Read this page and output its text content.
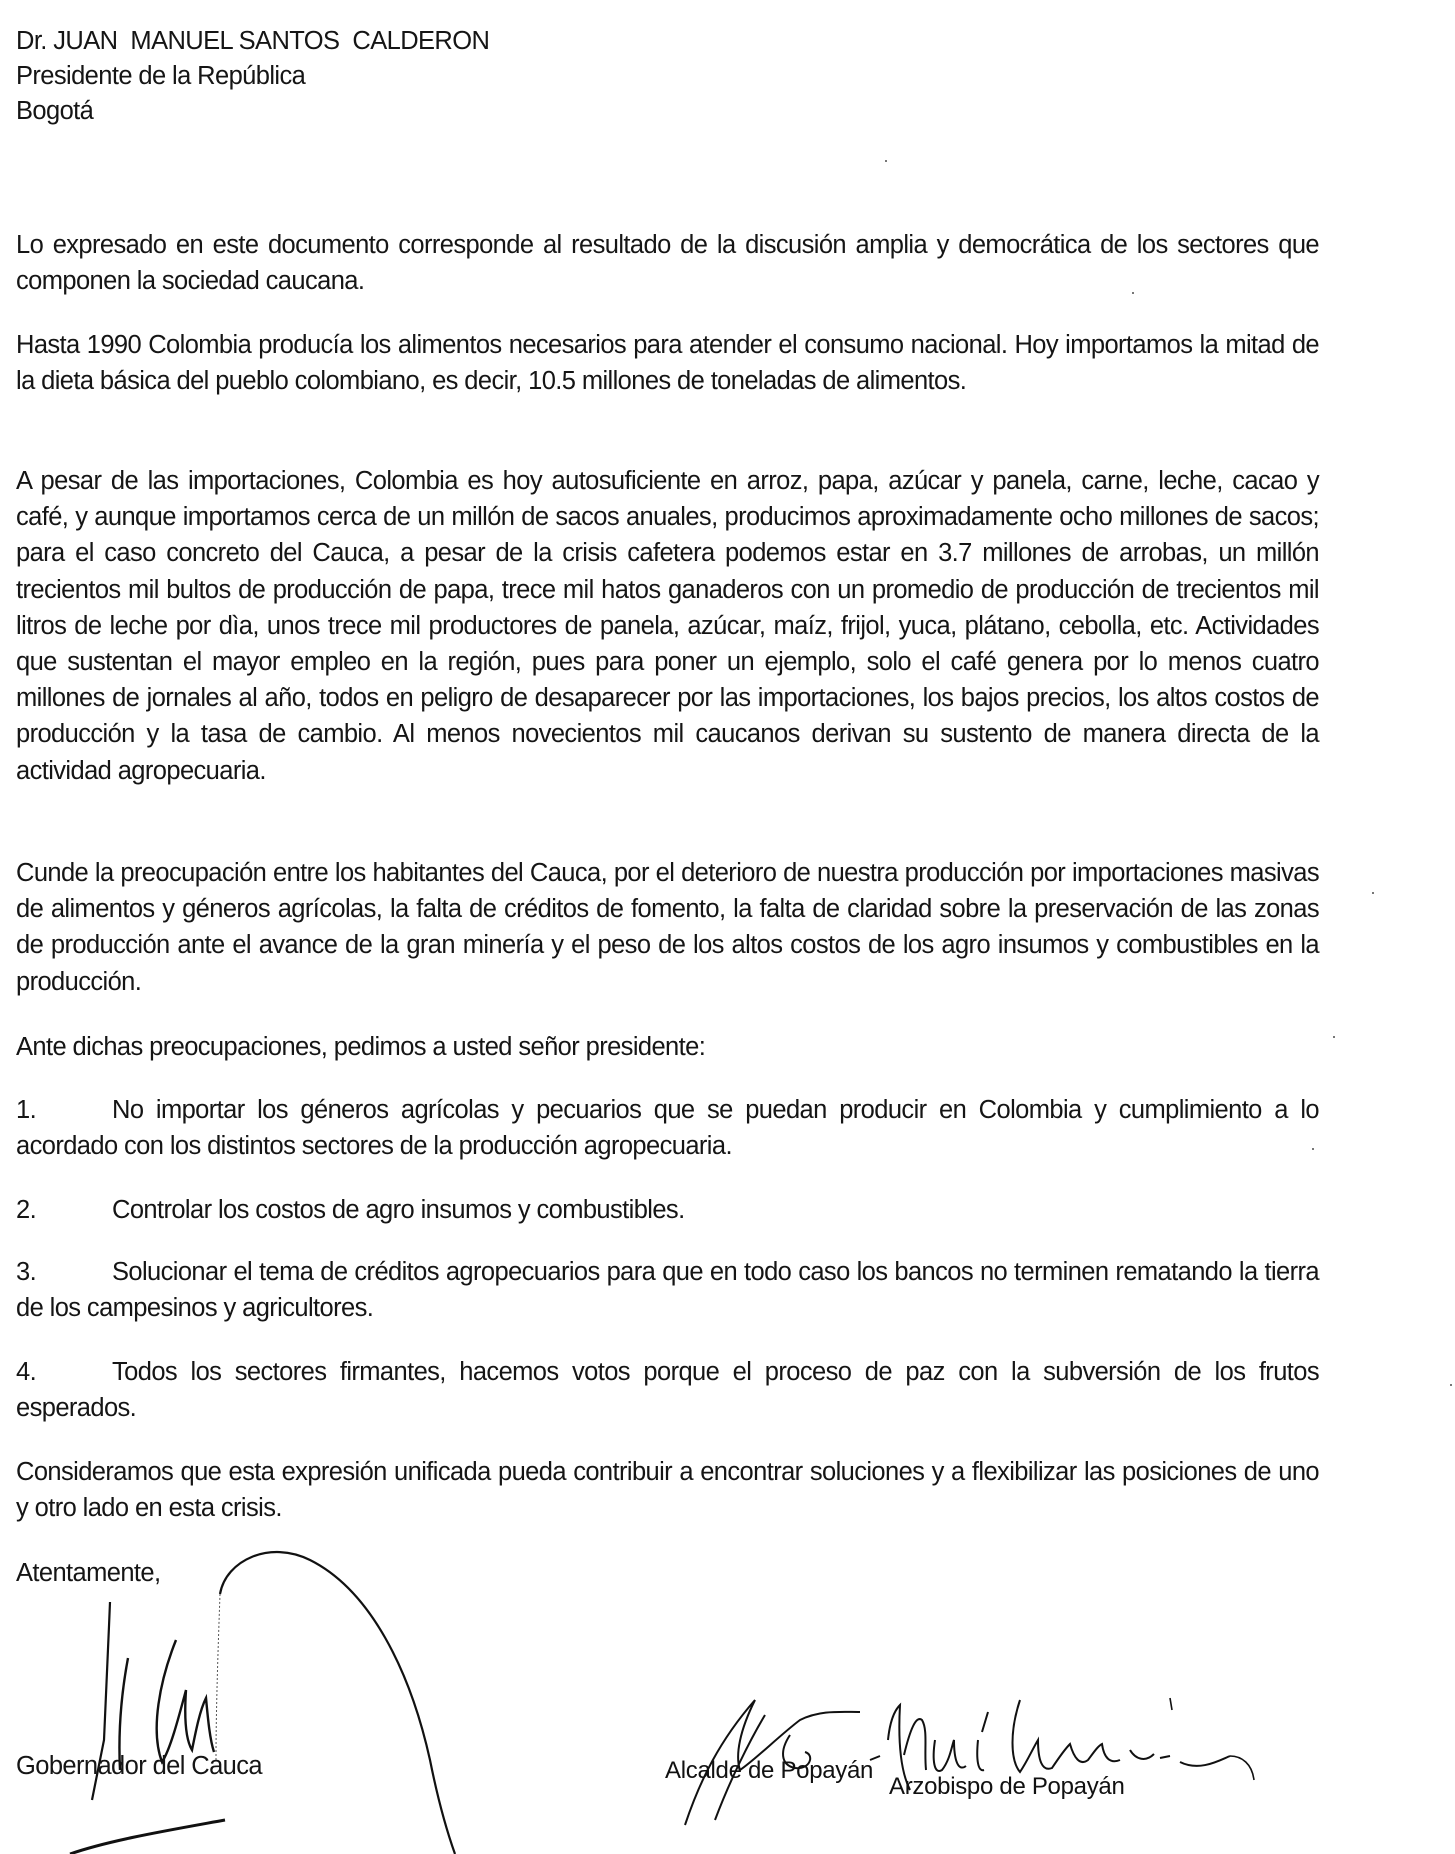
Dr. JUAN  MANUEL SANTOS  CALDERON
Presidente de la República
Bogotá

Lo expresado en este documento corresponde al resultado de la discusión amplia y democrática de los sectores que componen la sociedad caucana.

Hasta 1990 Colombia producía los alimentos necesarios para atender el consumo nacional. Hoy importamos la mitad de la dieta básica del pueblo colombiano, es decir, 10.5 millones de toneladas de alimentos.

A pesar de las importaciones, Colombia es hoy autosuficiente en arroz, papa, azúcar y panela, carne, leche, cacao y café, y aunque importamos cerca de un millón de sacos anuales, producimos aproximadamente ocho millones de sacos; para el caso concreto del Cauca, a pesar de la crisis cafetera podemos estar en 3.7 millones de arrobas, un millón trecientos mil bultos de producción de papa, trece mil hatos ganaderos con un promedio de producción de trecientos mil litros de leche por dìa, unos trece mil productores de panela, azúcar, maíz, frijol, yuca, plátano, cebolla, etc. Actividades que sustentan el mayor empleo en la región, pues para poner un ejemplo, solo el café genera por lo menos cuatro millones de jornales al año, todos en peligro de desaparecer por las importaciones, los bajos precios, los altos costos de producción y la tasa de cambio. Al menos novecientos mil caucanos derivan su sustento de manera directa de la actividad agropecuaria.

Cunde la preocupación entre los habitantes del Cauca, por el deterioro de nuestra producción por importaciones masivas de alimentos y géneros agrícolas, la falta de créditos de fomento, la falta de claridad sobre la preservación de las zonas de producción ante el avance de la gran minería y el peso de los altos costos de los agro insumos y combustibles en la producción.

Ante dichas preocupaciones, pedimos a usted señor presidente:

1.	No importar los géneros agrícolas y pecuarios que se puedan producir en Colombia y cumplimiento a lo acordado con los distintos sectores de la producción agropecuaria.

2.	Controlar los costos de agro insumos y combustibles.

3.	Solucionar el tema de créditos agropecuarios para que en todo caso los bancos no terminen rematando la tierra de los campesinos y agricultores.

4.	Todos los sectores firmantes, hacemos votos porque el proceso de paz con la subversión de los frutos esperados.

Consideramos que esta expresión unificada pueda contribuir a encontrar soluciones y a flexibilizar las posiciones de uno y otro lado en esta crisis.

Atentamente,
Gobernador del Cauca	Alcalde de Popayán
Arzobispo de Popayán
